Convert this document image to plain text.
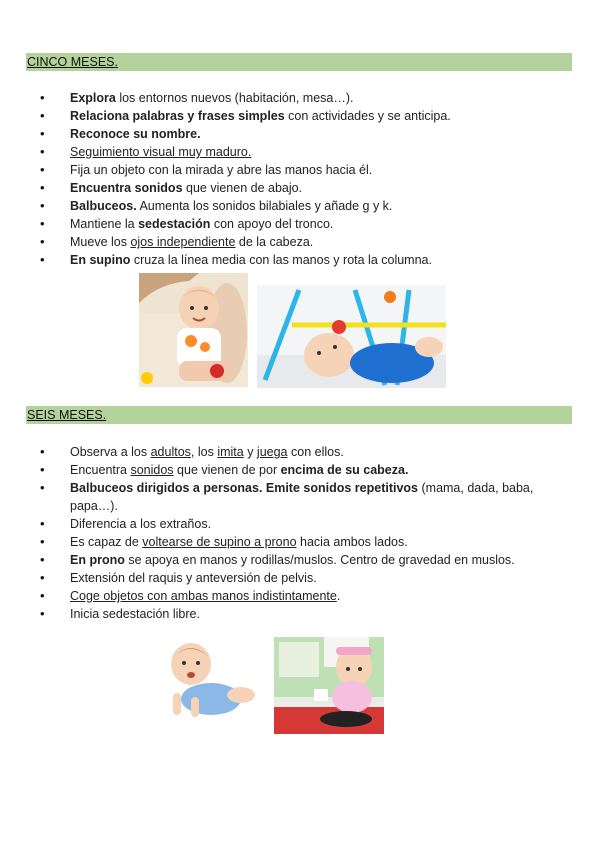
CINCO MESES.
• Explora los entornos nuevos (habitación, mesa…).
• Relaciona palabras y frases simples con actividades y se anticipa.
• Reconoce su nombre.
• Seguimiento visual muy maduro.
• Fija un objeto con la mirada y abre las manos hacia él.
• Encuentra sonidos que vienen de abajo.
• Balbuceos. Aumenta los sonidos bilabiales y añade g y k.
• Mantiene la sedestación con apoyo del tronco.
• Mueve los ojos independiente de la cabeza.
• En supino cruza la línea media con las manos y rota la columna.
SEIS MESES.
• Observa a los adultos, los imita y juega con ellos.
• Encuentra sonidos que vienen de por encima de su cabeza.
• Balbuceos dirigidos a personas. Emite sonidos repetitivos (mama, dada, baba, papa…).
• Diferencia a los extraños.
• Es capaz de voltearse de supino a prono hacia ambos lados.
• En prono se apoya en manos y rodillas/muslos. Centro de gravedad en muslos.
• Extensión del raquis y anteversión de pelvis.
• Coge objetos con ambas manos indistintamente.
• Inicia sedestación libre.
